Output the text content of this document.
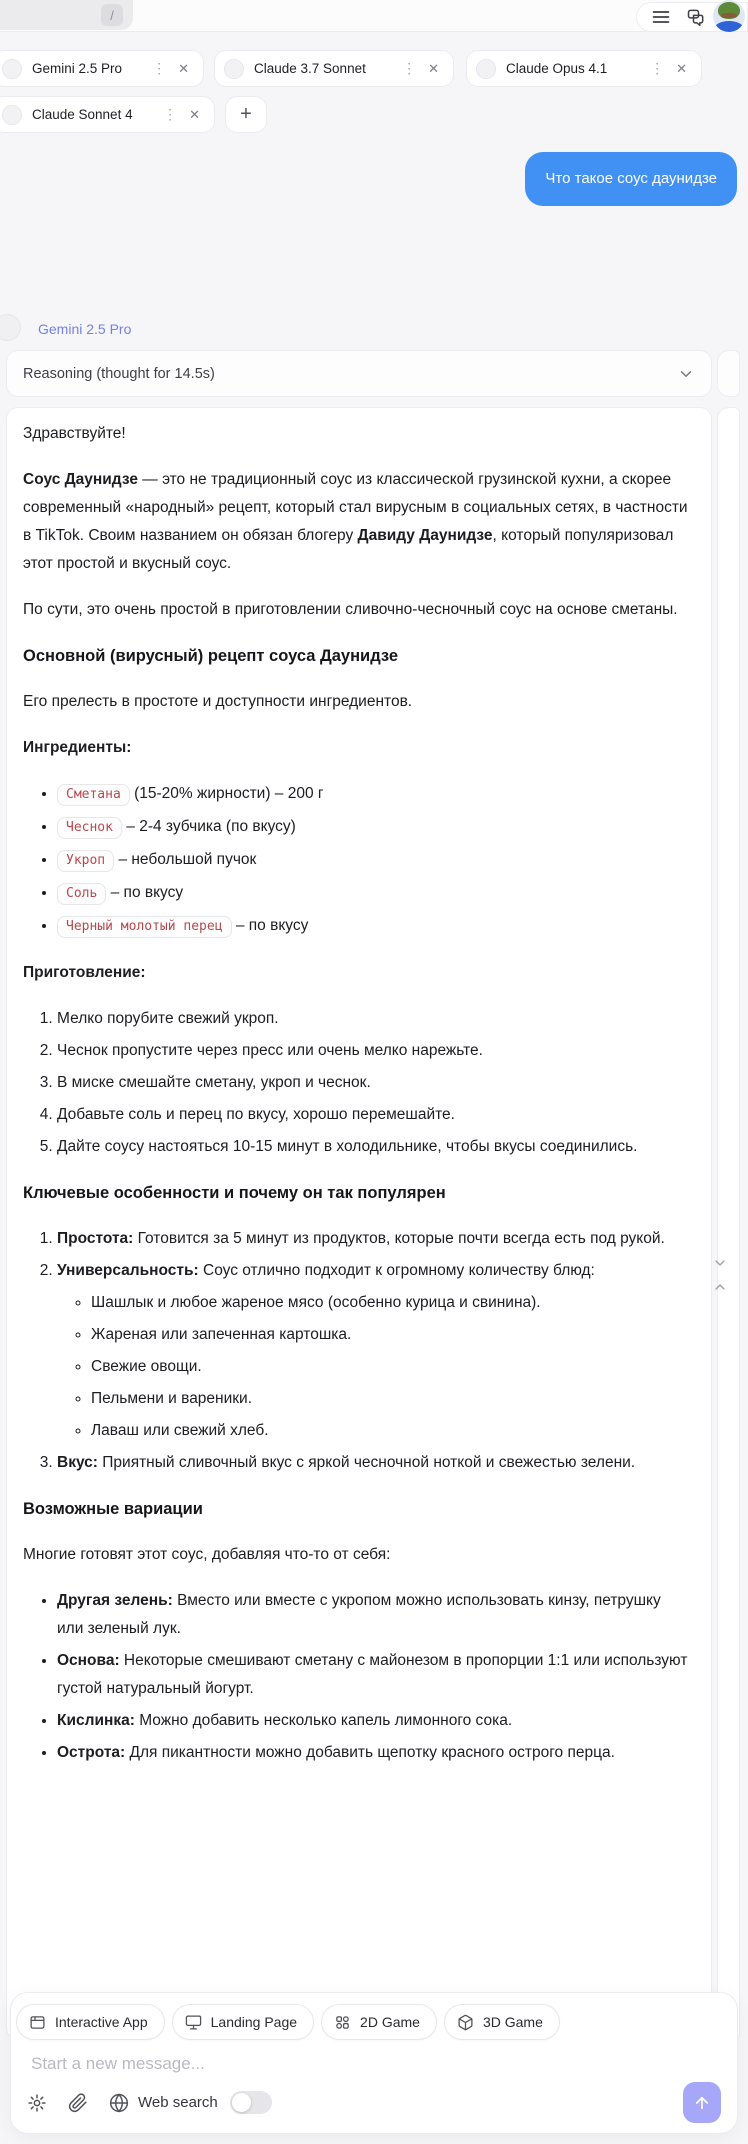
/
Gemini 2.5 Pro ⋮ ✕	Claude 3.7 Sonnet	⋮ ✕	Claude Opus 4.1	⋮ ✕
Claude Sonnet 4 ⋮ ✕	+
Что такое соус даунидзе
Gemini 2.5 Pro
Reasoning (thought for 14.5s)

Здравствуйте!

Соус Даунидзе — это не традиционный соус из классической грузинской кухни, а скорее современный «народный» рецепт, который стал вирусным в социальных сетях, в частности в TikTok. Своим названием он обязан блогеру Давиду Даунидзе, который популяризовал этот простой и вкусный соус.

По сути, это очень простой в приготовлении сливочно-чесночный соус на основе сметаны.

Основной (вирусный) рецепт соуса Даунидзе

Его прелесть в простоте и доступности ингредиентов.

Ингредиенты:

• Сметана (15-20% жирности) – 200 г
• Чеснок – 2-4 зубчика (по вкусу)
• Укроп – небольшой пучок
• Соль – по вкусу
• Черный молотый перец – по вкусу

Приготовление:

1. Мелко порубите свежий укроп.
2. Чеснок пропустите через пресс или очень мелко нарежьте.
3. В миске смешайте сметану, укроп и чеснок.
4. Добавьте соль и перец по вкусу, хорошо перемешайте.
5. Дайте соусу настояться 10-15 минут в холодильнике, чтобы вкусы соединились.
Ключевые особенности и почему он так популярен
1. Простота: Готовится за 5 минут из продуктов, которые почти всегда есть под рукой.
2. Универсальность: Соус отлично подходит к огромному количеству блюд:
◦ Шашлык и любое жареное мясо (особенно курица и свинина).
◦ Жареная или запеченная картошка.
◦ Свежие овощи.
◦ Пельмени и вареники.
◦ Лаваш или свежий хлеб.
3. Вкус: Приятный сливочный вкус с яркой чесночной ноткой и свежестью зелени.
Возможные вариации

Многие готовят этот соус, добавляя что-то от себя:

• Другая зелень: Вместо или вместе с укропом можно использовать кинзу, петрушку или зеленый лук.
• Основа: Некоторые смешивают сметану с майонезом в пропорции 1:1 или используют густой натуральный йогурт.
• Кислинка: Можно добавить несколько капель лимонного сока.
• Острота: Для пикантности можно добавить щепотку красного острого перца.
Interactive App	Landing Page	2D Game	3D Game
Start a new message...
Web search
